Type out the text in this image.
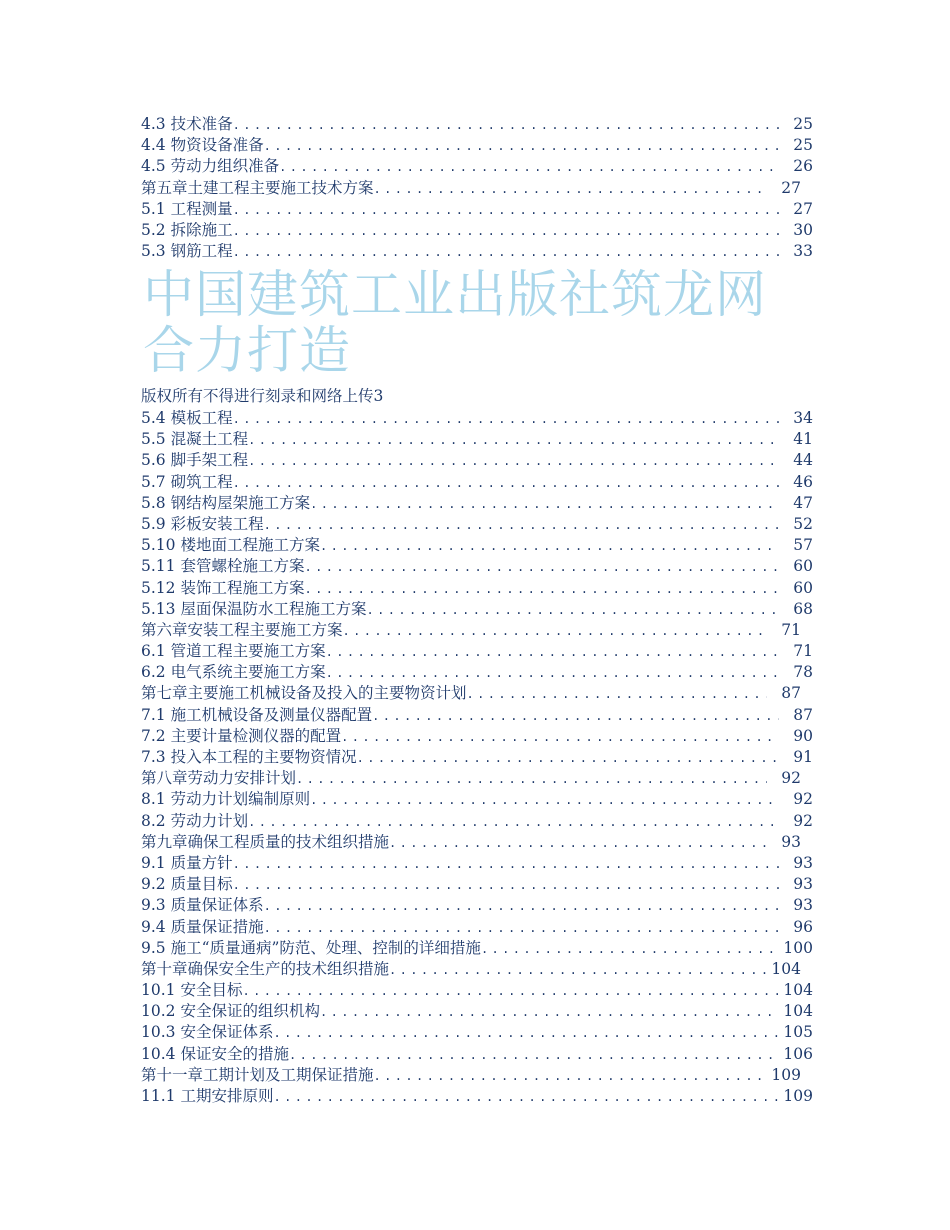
4.3 技术准备 .....	25
4.4 物资设备准备 .....	25
4.5 劳动力组织准备 .....	26
第五章土建工程主要施工技术方案 .....	27
5.1 工程测量 .....	27
5.2 拆除施工 .....	30
5.3 钢筋工程 .....	33
中国建筑工业出版社筑龙网
合力打造
版权所有不得进行刻录和网络上传3
5.4 模板工程 .....	34
5.5 混凝土工程 .....	41
5.6 脚手架工程 .....	44
5.7 砌筑工程 .....	46
5.8 钢结构屋架施工方案 .....	47
5.9 彩板安装工程 .....	52
5.10 楼地面工程施工方案 .....	57
5.11 套管螺栓施工方案 .....	60
5.12 装饰工程施工方案 .....	60
5.13 屋面保温防水工程施工方案 .....	68
第六章安装工程主要施工方案 .....	71
6.1 管道工程主要施工方案 .....	71
6.2 电气系统主要施工方案 .....	78
第七章主要施工机械设备及投入的主要物资计划 .....	87
7.1 施工机械设备及测量仪器配置 .....	87
7.2 主要计量检测仪器的配置 .....	90
7.3 投入本工程的主要物资情况 .....	91
第八章劳动力安排计划 .....	92
8.1 劳动力计划编制原则 .....	92
8.2 劳动力计划 .....	92
第九章确保工程质量的技术组织措施 .....	93
9.1 质量方针 .....	93
9.2 质量目标 .....	93
9.3 质量保证体系 .....	93
9.4 质量保证措施 .....	96
9.5 施工“质量通病”防范、处理、控制的详细措施 .....	100
第十章确保安全生产的技术组织措施 .....	104
10.1 安全目标 .....	104
10.2 安全保证的组织机构 .....	104
10.3 安全保证体系 .....	105
10.4 保证安全的措施 .....	106
第十一章工期计划及工期保证措施 .....	109
11.1 工期安排原则 .....	109
